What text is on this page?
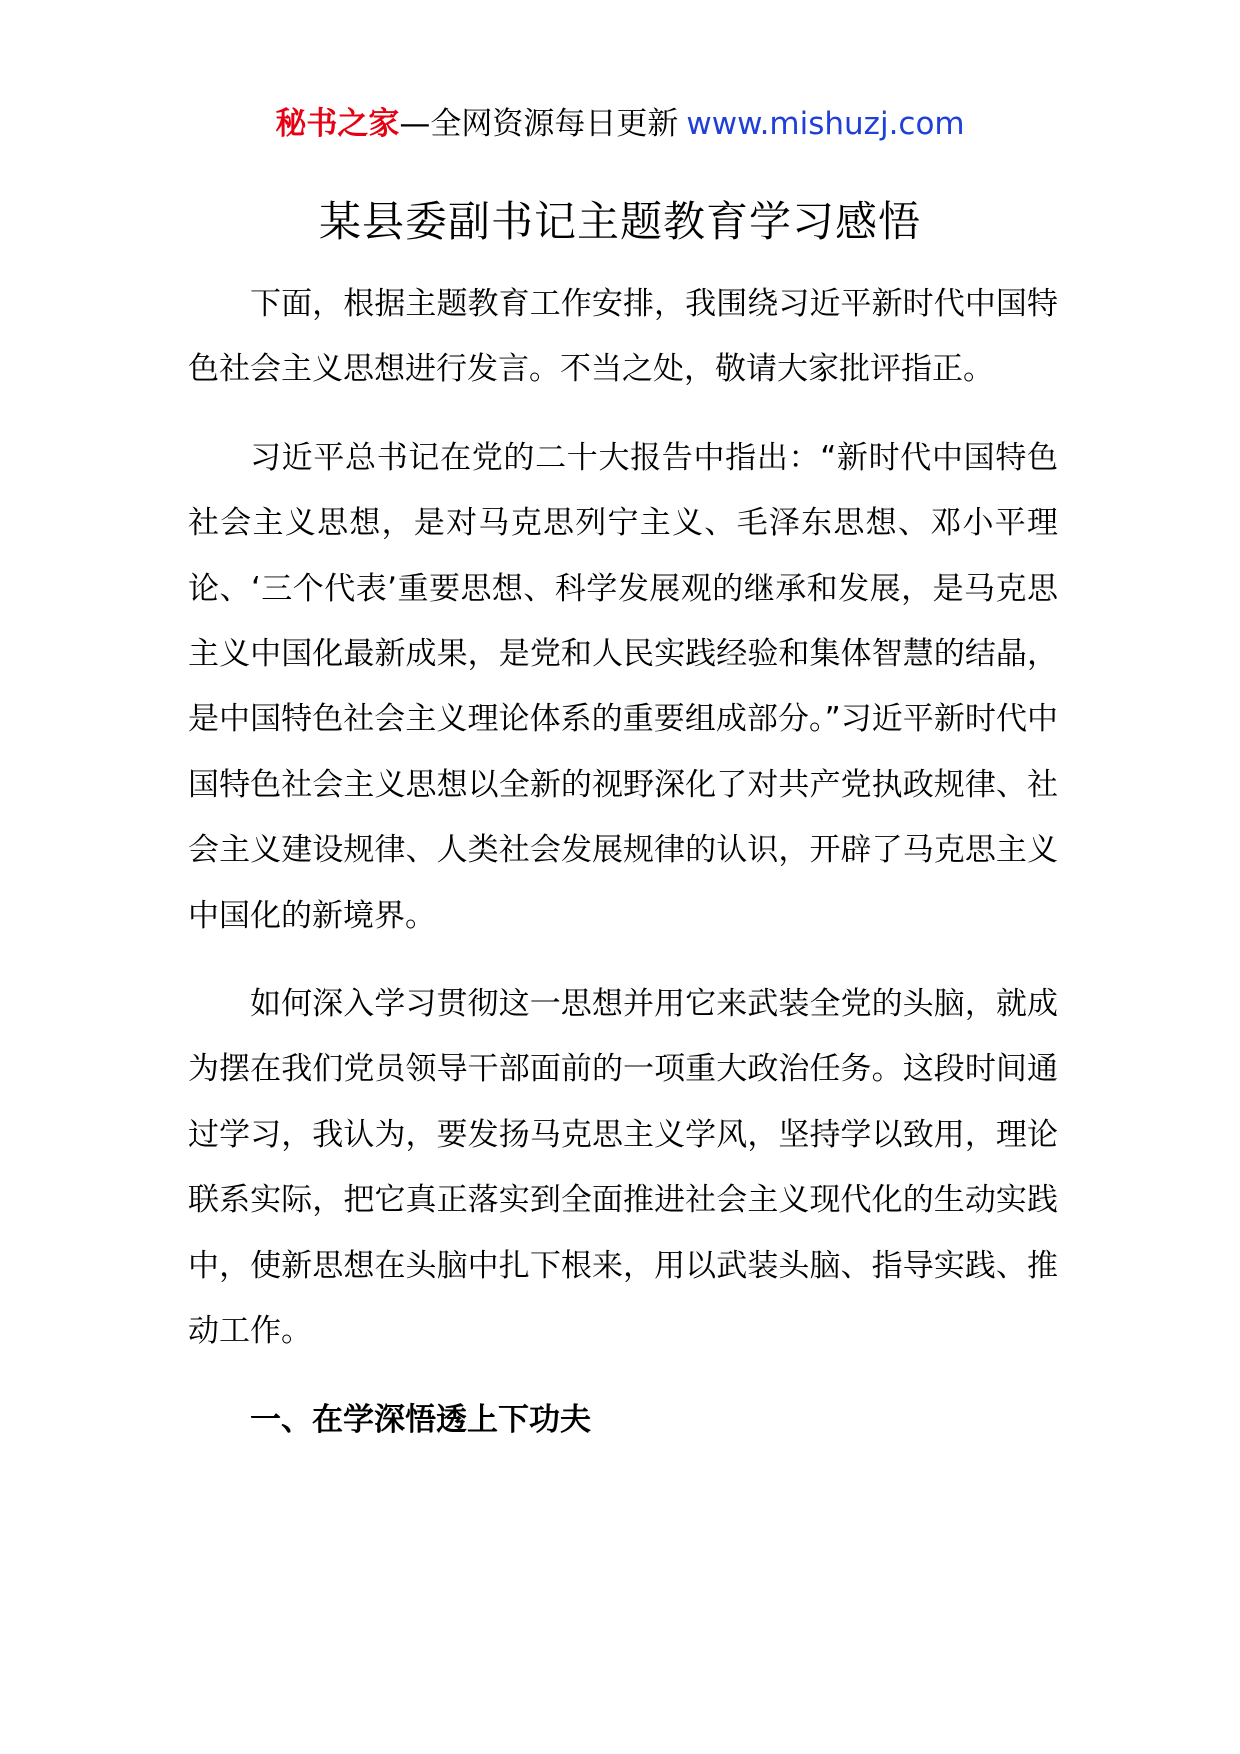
秘书之家—全网资源每日更新 www.mishuzj.com
某县委副书记主题教育学习感悟

下面，根据主题教育工作安排，我围绕习近平新时代中国特色社会主义思想进行发言。不当之处，敬请大家批评指正。

习近平总书记在党的二十大报告中指出：“新时代中国特色社会主义思想，是对马克思列宁主义、毛泽东思想、邓小平理论、‘三个代表’重要思想、科学发展观的继承和发展，是马克思主义中国化最新成果，是党和人民实践经验和集体智慧的结晶，是中国特色社会主义理论体系的重要组成部分。”习近平新时代中国特色社会主义思想以全新的视野深化了对共产党执政规律、社会主义建设规律、人类社会发展规律的认识，开辟了马克思主义中国化的新境界。

如何深入学习贯彻这一思想并用它来武装全党的头脑，就成为摆在我们党员领导干部面前的一项重大政治任务。这段时间通过学习，我认为，要发扬马克思主义学风，坚持学以致用，理论联系实际，把它真正落实到全面推进社会主义现代化的生动实践中，使新思想在头脑中扎下根来，用以武装头脑、指导实践、推动工作。

一、在学深悟透上下功夫
